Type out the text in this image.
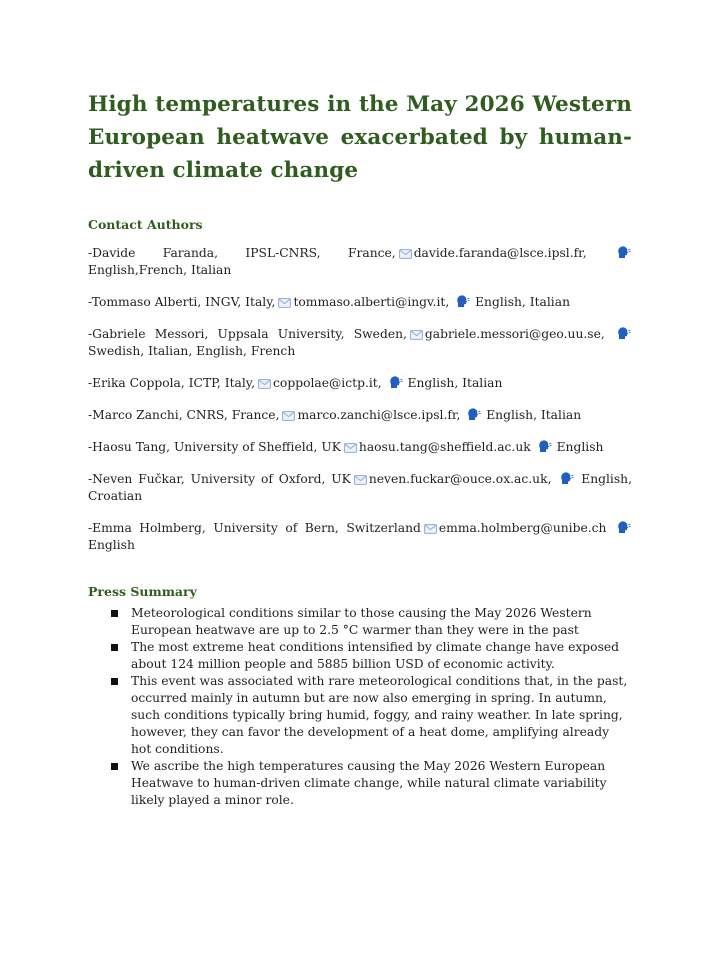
High temperatures in the May 2026 Western European heatwave exacerbated by human-driven climate change
Contact Authors
-Davide Faranda, IPSL-CNRS, France, davide.faranda@lsce.ipsl.fr,  English,French, Italian
-Tommaso Alberti, INGV, Italy, tommaso.alberti@ingv.it,  English, Italian
-Gabriele Messori, Uppsala University, Sweden, gabriele.messori@geo.uu.se,  Swedish, Italian, English, French
-Erika Coppola, ICTP, Italy, coppolae@ictp.it,  English, Italian
-Marco Zanchi, CNRS, France, marco.zanchi@lsce.ipsl.fr,  English, Italian
-Haosu Tang, University of Sheffield, UK haosu.tang@sheffield.ac.uk  English
-Neven Fučkar, University of Oxford, UK neven.fuckar@ouce.ox.ac.uk,  English, Croatian
-Emma Holmberg, University of Bern, Switzerland emma.holmberg@unibe.ch  English
Press Summary
Meteorological conditions similar to those causing the May 2026 Western European heatwave are up to 2.5 °C warmer than they were in the past
The most extreme heat conditions intensified by climate change have exposed about 124 million people and 5885 billion USD of economic activity.
This event was associated with rare meteorological conditions that, in the past, occurred mainly in autumn but are now also emerging in spring. In autumn, such conditions typically bring humid, foggy, and rainy weather. In late spring, however, they can favor the development of a heat dome, amplifying already hot conditions.
We ascribe the high temperatures causing the May 2026 Western European Heatwave to human-driven climate change, while natural climate variability likely played a minor role.
